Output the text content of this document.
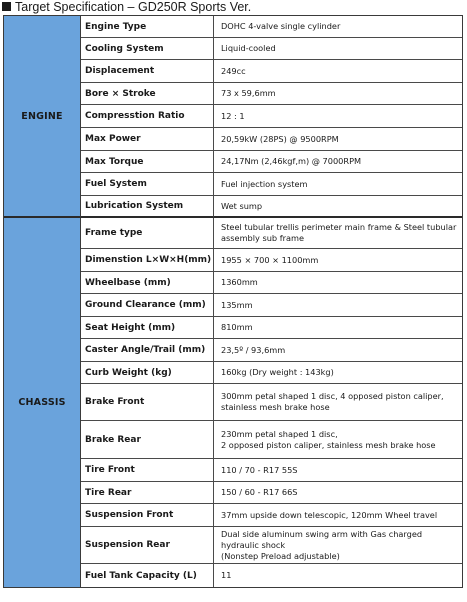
Target Specification – GD250R Sports Ver.
ENGINE	Engine Type	DOHC 4-valve single cylinder
	Cooling System	Liquid-cooled
	Displacement	249cc
	Bore × Stroke	73 x 59,6mm
	Compresstion Ratio	12 : 1
	Max Power	20,59kW (28PS) @ 9500RPM
	Max Torque	24,17Nm (2,46kgf,m) @ 7000RPM
	Fuel System	Fuel injection system
	Lubrication System	Wet sump
CHASSIS	Frame type	Steel tubular trellis perimeter main frame & Steel tubular assembly sub frame
	Dimenstion L×W×H(mm)	1955 × 700 × 1100mm
	Wheelbase (mm)	1360mm
	Ground Clearance (mm)	135mm
	Seat Height (mm)	810mm
	Caster Angle/Trail (mm)	23,5º / 93,6mm
	Curb Weight (kg)	160kg (Dry weight : 143kg)
	Brake Front	300mm petal shaped 1 disc, 4 opposed piston caliper, stainless mesh brake hose
	Brake Rear	230mm petal shaped 1 disc,
2 opposed piston caliper, stainless mesh brake hose
	Tire Front	110 / 70 - R17 55S
	Tire Rear	150 / 60 - R17 66S
	Suspension Front	37mm upside down telescopic, 120mm Wheel travel
	Suspension Rear	Dual side aluminum swing arm with Gas charged hydraulic shock
(Nonstep Preload adjustable)
	Fuel Tank Capacity (L)	11
